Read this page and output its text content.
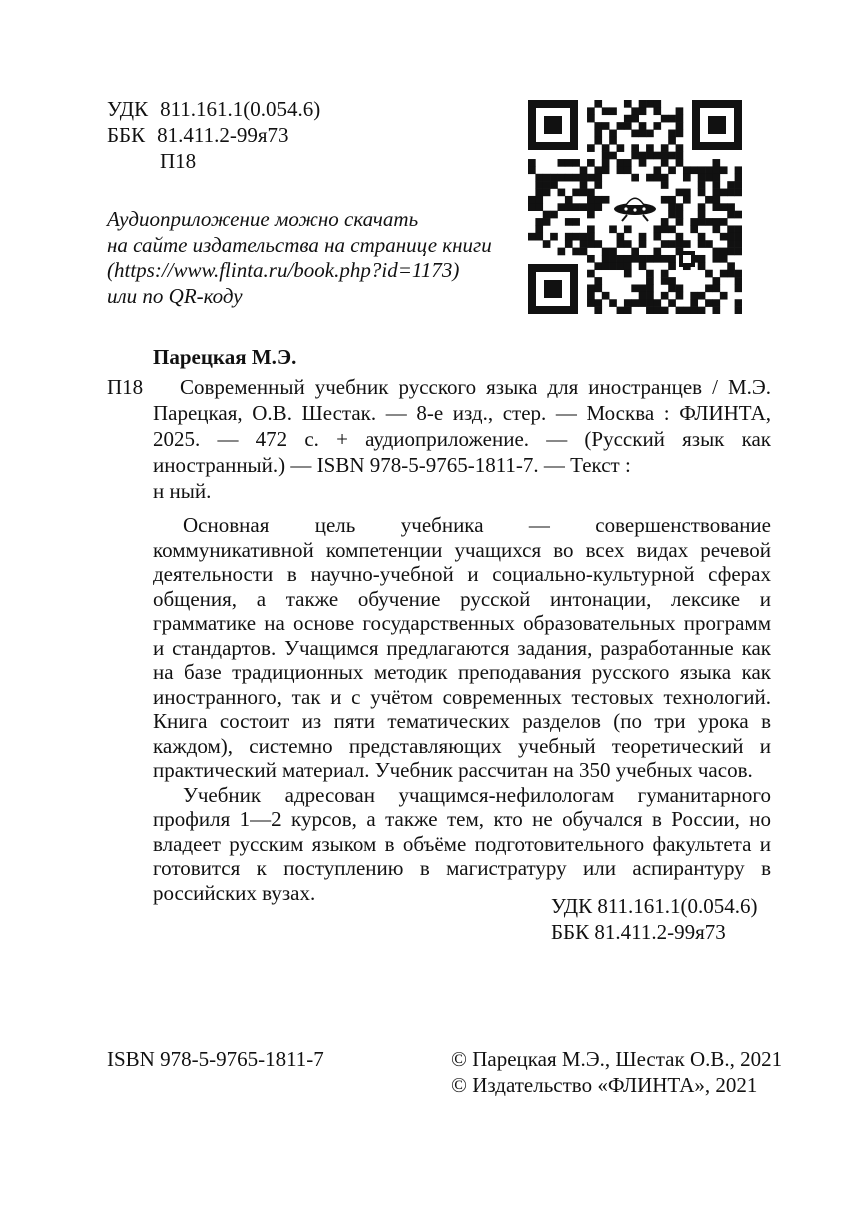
УДК 811.161.1(0.054.6)
ББК 81.411.2-99я73
П18
Аудиоприложение можно скачать
на сайте издательства на странице книги
(https://www.flinta.ru/book.php?id=1173)
или по QR-коду
Парецкая М.Э.
П18	Современный учебник русского языка для иностранцев / М.Э. Парецкая, О.В. Шестак. — 8-е изд., стер. — Москва : ФЛИНТА, 2025. — 472 с. + аудиоприложение. — (Русский язык как иностранный.) — ISBN 978-5-9765-1811-7. — Текст :

н ный.

Основная цель учебника — совершенствование коммуникативной компетенции учащихся во всех видах речевой деятельности в научно-учебной и социально-культурной сферах общения, а также обучение русской интонации, лексике и грамматике на основе государственных образовательных программ и стандартов. Учащимся предлагаются задания, разработанные как на базе традиционных методик преподавания русского языка как иностранного, так и с учётом современных тестовых технологий. Книга состоит из пяти тематических разделов (по три урока в каждом), системно представляющих учебный теоретический и практический материал. Учебник рассчитан на 350 учебных часов.

Учебник адресован учащимся-нефилологам гуманитарного профиля 1—2 курсов, а также тем, кто не обучался в России, но владеет русским языком в объёме подготовительного факультета и готовится к поступлению в магистратуру или аспирантуру в российских вузах.

УДК 811.161.1(0.054.6)
ББК 81.411.2-99я73
ISBN 978-5-9765-1811-7	© Парецкая М.Э., Шестак О.В., 2021
© Издательство «ФЛИНТА», 2021
